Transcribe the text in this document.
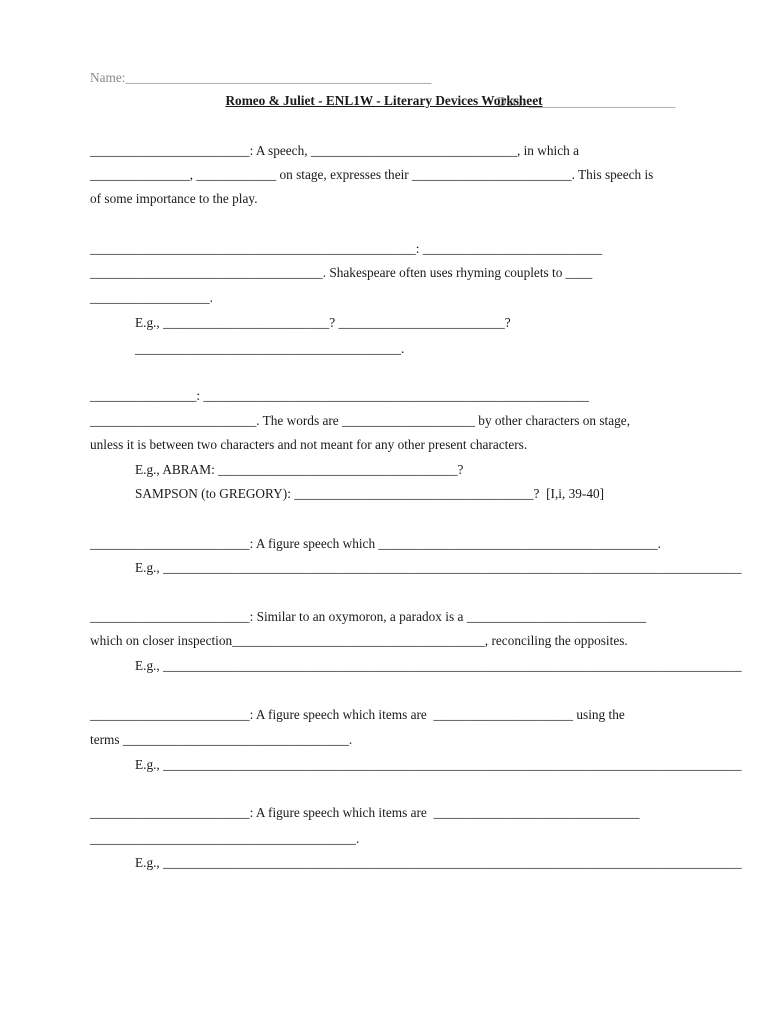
Name:______________________________________________

Date: ______________________

Romeo & Juliet - ENL1W - Literary Devices Worksheet
________________________: A speech, _______________________________, in which a
_______________, ____________ on stage, expresses their ________________________. This speech is
of some importance to the play.
_________________________________________________: ___________________________
___________________________________. Shakespeare often uses rhyming couplets to ____
__________________.
E.g., _________________________? _________________________?
________________________________________.
________________: __________________________________________________________
_________________________. The words are ____________________ by other characters on stage,
unless it is between two characters and not meant for any other present characters.
E.g., ABRAM: ____________________________________?
SAMPSON (to GREGORY): ____________________________________?  [I,i, 39-40]
________________________: A figure speech which __________________________________________.
E.g., _______________________________________________________________________________________
________________________: Similar to an oxymoron, a paradox is a ___________________________
which on closer inspection______________________________________, reconciling the opposites.
E.g., _______________________________________________________________________________________
________________________: A figure speech which items are  _____________________ using the
terms __________________________________.
E.g., _______________________________________________________________________________________
________________________: A figure speech which items are  _______________________________
________________________________________.
E.g., _______________________________________________________________________________________
